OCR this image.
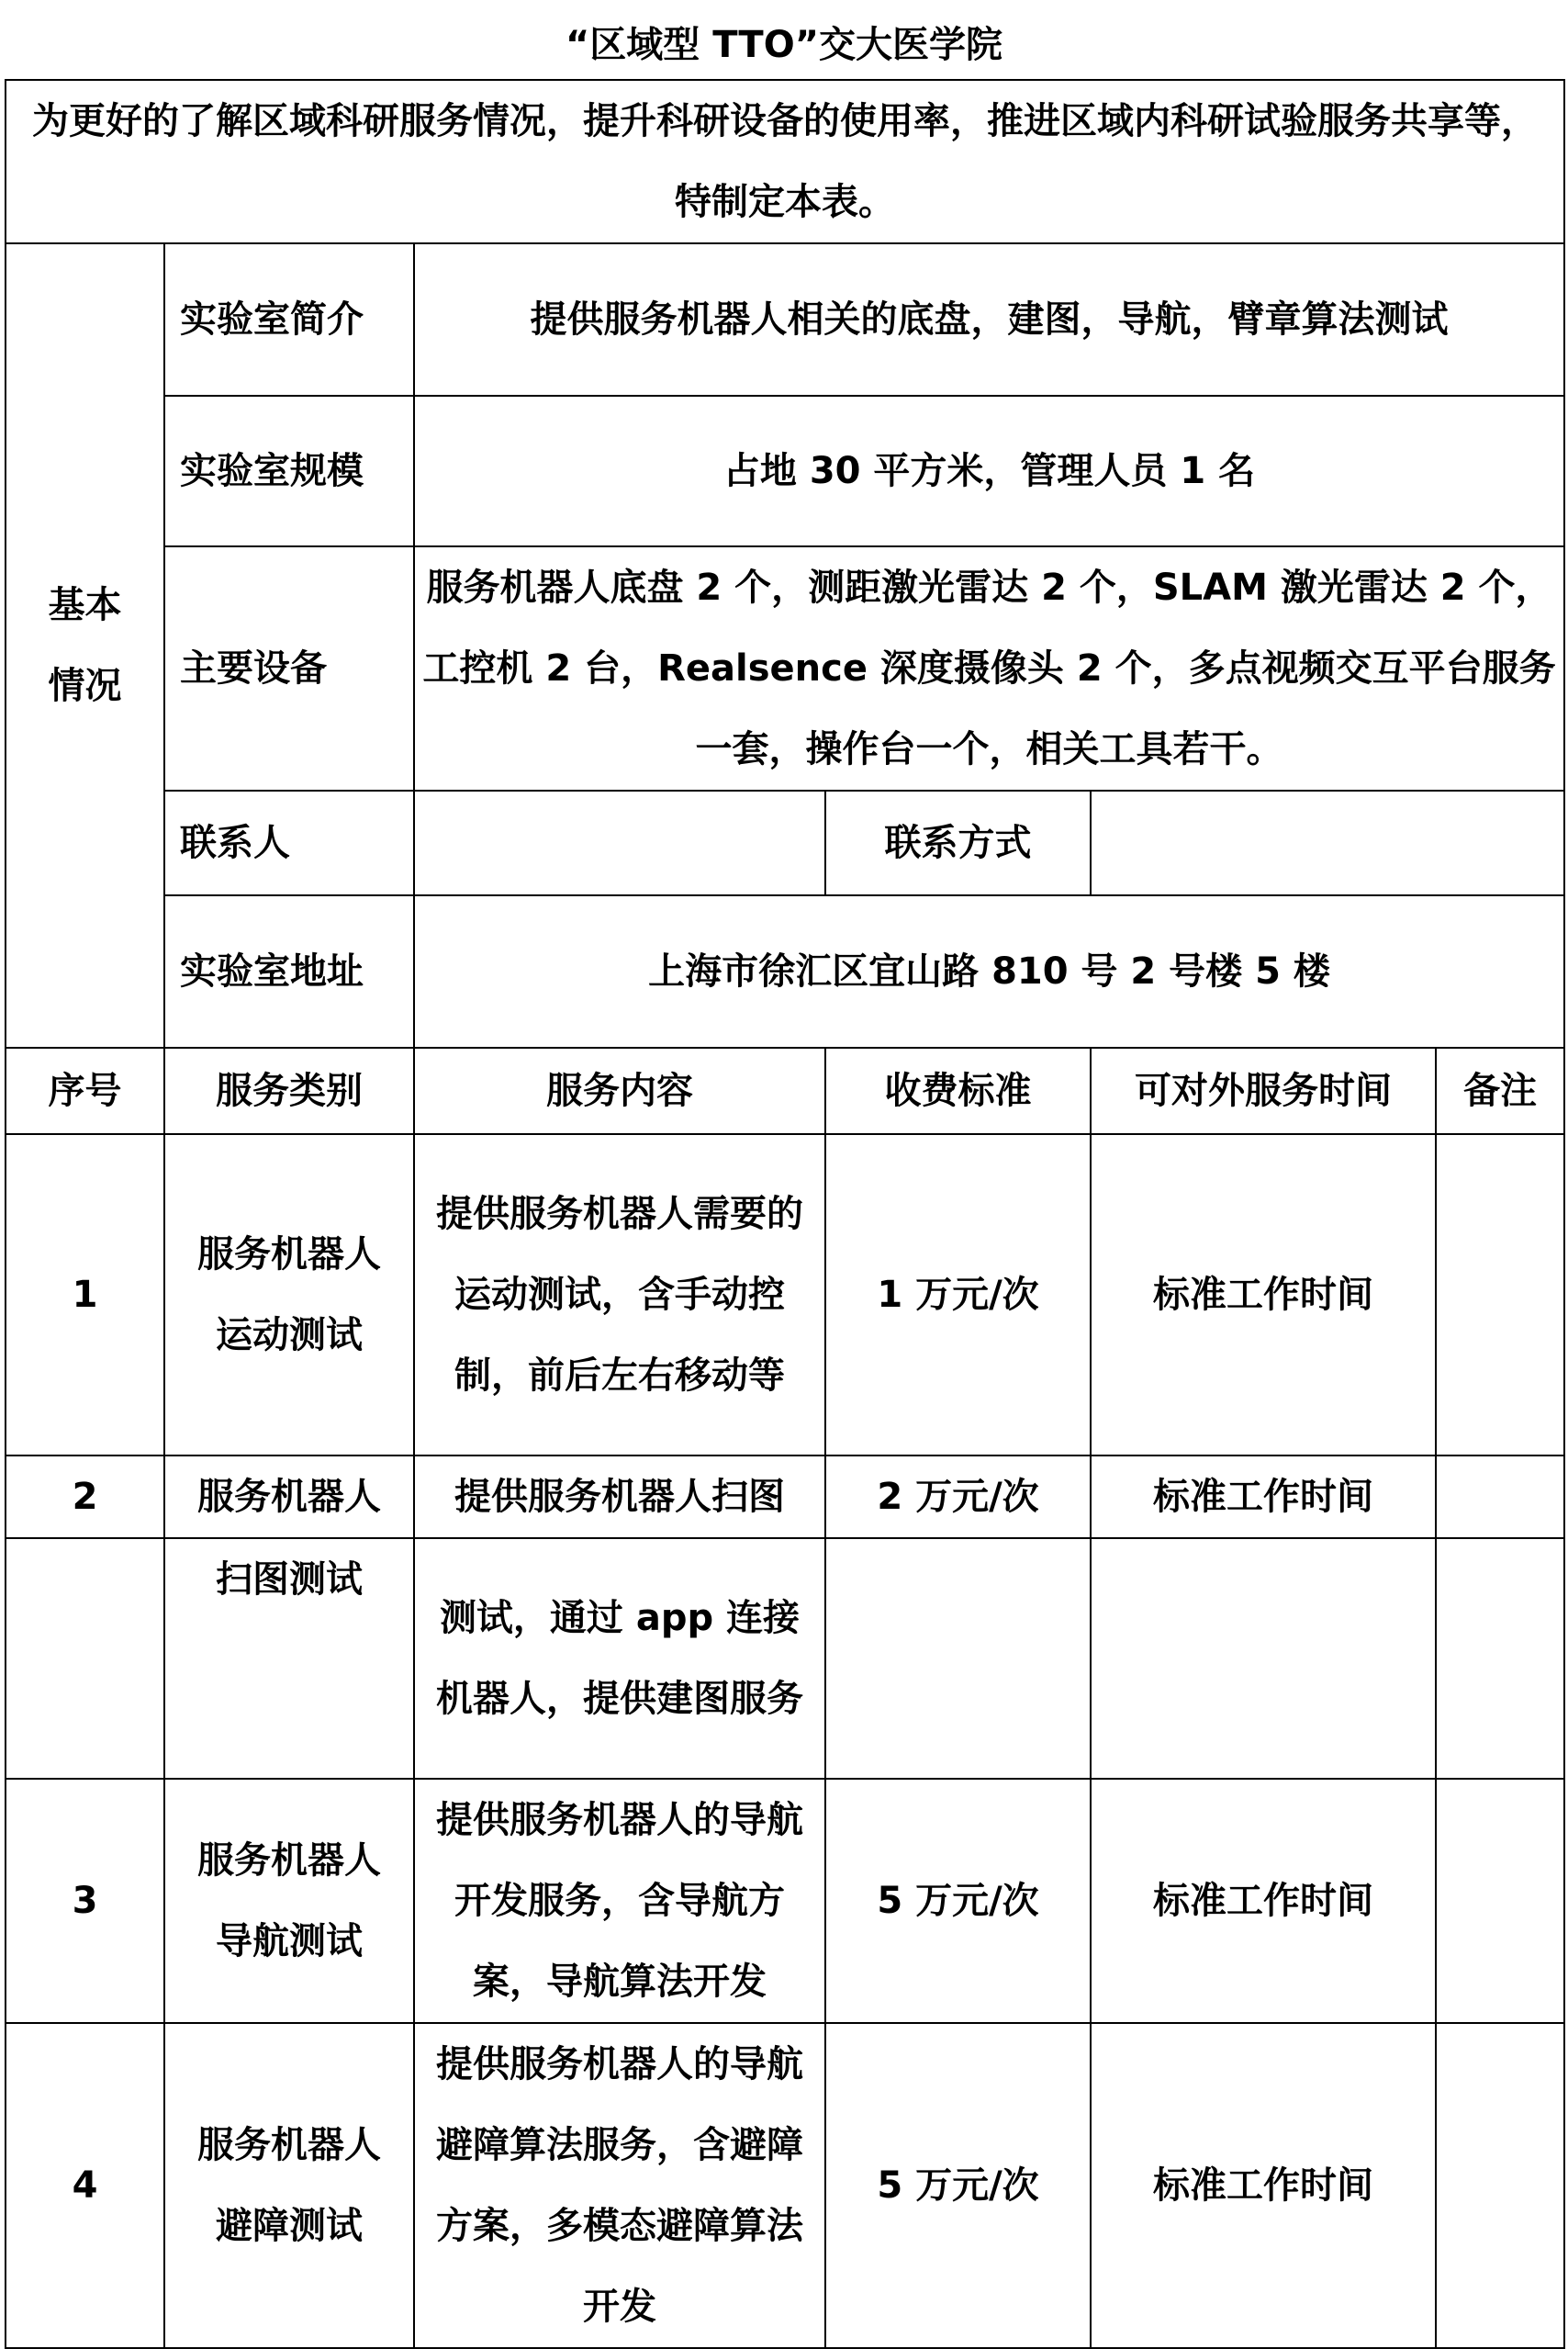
“区域型 TTO”交大医学院
为更好的了解区域科研服务情况，提升科研设备的使用率，推进区域内科研试验服务共享等，特制定本表。					
基本情况	实验室简介	提供服务机器人相关的底盘，建图，导航，臂章算法测试			
	实验室规模	占地 30 平方米，管理人员 1 名			
	主要设备	服务机器人底盘 2 个，测距激光雷达 2 个，SLAM 激光雷达 2 个，工控机 2 台，Realsence 深度摄像头 2 个，多点视频交互平台服务一套，操作台一个，相关工具若干。			
	联系人		联系方式		
	实验室地址	上海市徐汇区宜山路 810 号 2 号楼 5 楼			
序号	服务类别	服务内容	收费标准	可对外服务时间	备注
1	服务机器人运动测试	提供服务机器人需要的运动测试，含手动控制，前后左右移动等	1 万元/次	标准工作时间	
2	服务机器人	提供服务机器人扫图	2 万元/次	标准工作时间	
	扫图测试	测试，通过 app 连接机器人，提供建图服务			
3	服务机器人导航测试	提供服务机器人的导航开发服务，含导航方案，导航算法开发	5 万元/次	标准工作时间	
4	服务机器人避障测试	提供服务机器人的导航避障算法服务，含避障方案，多模态避障算法开发	5 万元/次	标准工作时间	
